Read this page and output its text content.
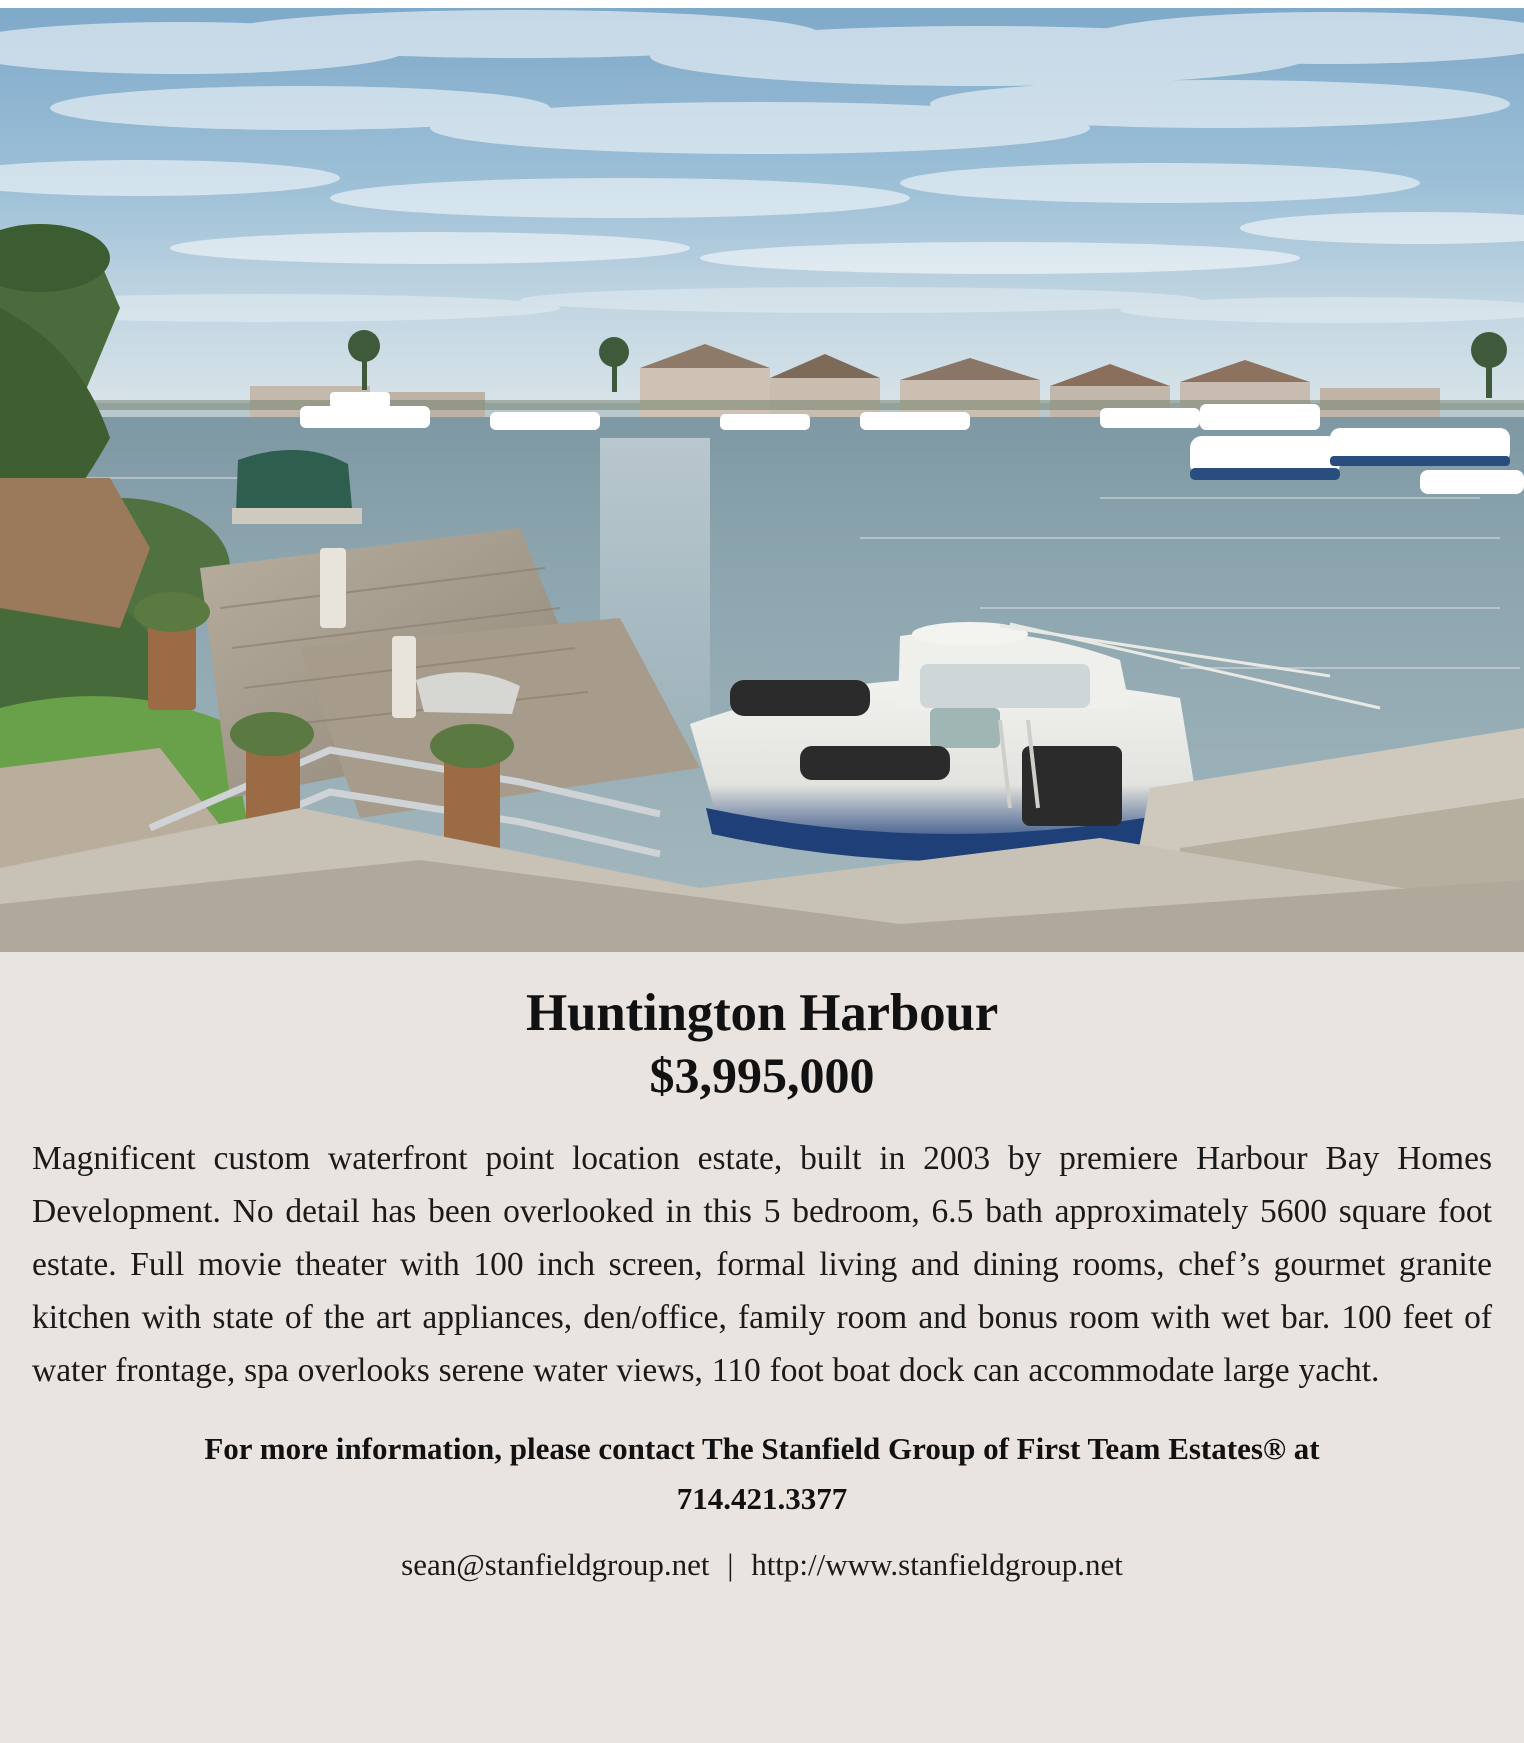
Huntington Harbour
$3,995,000

Magnificent custom waterfront point location estate, built in 2003 by premiere Harbour Bay Homes Development. No detail has been overlooked in this 5 bedroom, 6.5 bath approximately 5600 square foot estate. Full movie theater with 100 inch screen, formal living and dining rooms, chef’s gourmet granite kitchen with state of the art appliances, den/office, family room and bonus room with wet bar. 100 feet of water frontage, spa overlooks serene water views, 110 foot boat dock can accommodate large yacht.

For more information, please contact The Stanfield Group of First Team Estates® at
714.421.3377

sean@stanfieldgroup.net | http://www.stanfieldgroup.net
